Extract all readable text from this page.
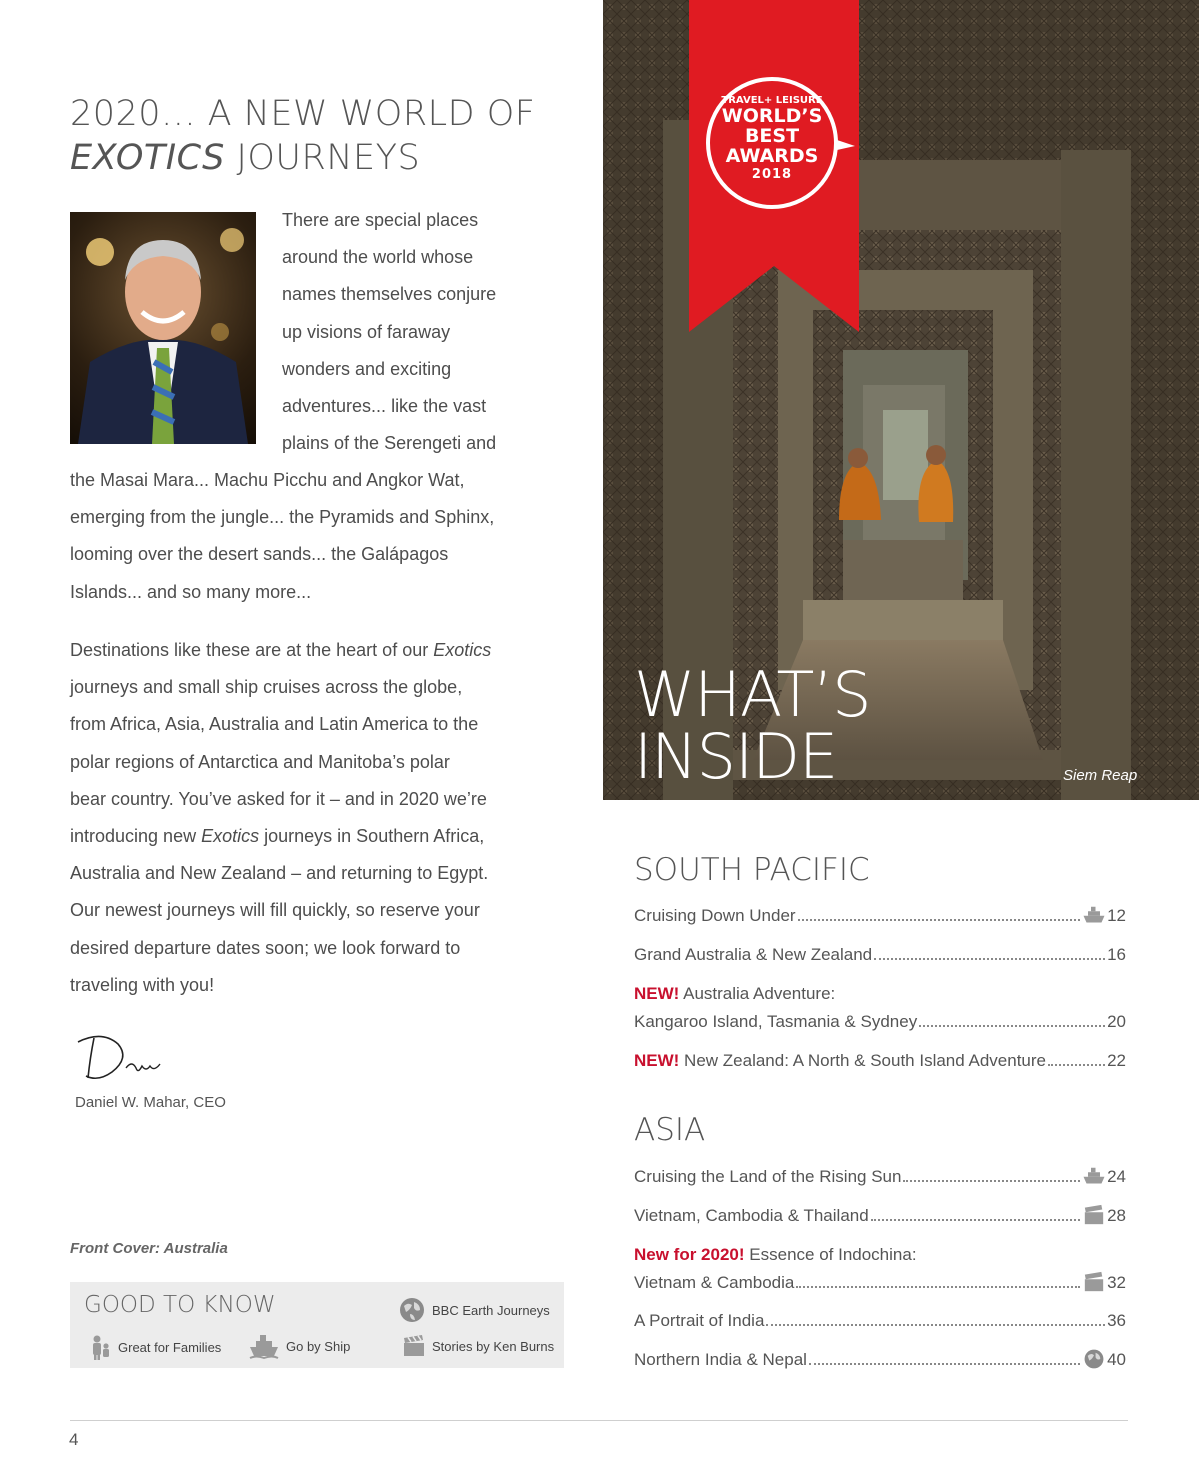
2020... A NEW WORLD OF
EXOTICS JOURNEYS
There are special places
around the world whose
names themselves conjure
up visions of faraway
wonders and exciting
adventures... like the vast
plains of the Serengeti and
the Masai Mara... Machu Picchu and Angkor Wat,
emerging from the jungle... the Pyramids and Sphinx,
looming over the desert sands... the Galápagos
Islands... and so many more...
Destinations like these are at the heart of our Exotics
journeys and small ship cruises across the globe,
from Africa, Asia, Australia and Latin America to the
polar regions of Antarctica and Manitoba’s polar
bear country. You’ve asked for it – and in 2020 we’re
introducing new Exotics journeys in Southern Africa,
Australia and New Zealand – and returning to Egypt.
Our newest journeys will fill quickly, so reserve your
desired departure dates soon; we look forward to
traveling with you!
Daniel W. Mahar, CEO
Front Cover: Australia
GOOD TO KNOW	BBC Earth Journeys
Great for Families	Go by Ship	Stories by Ken Burns
TRAVEL+ LEISURE
WORLD’S
BEST
AWARDS
2018
WHAT’S
INSIDE	Siem Reap
SOUTH PACIFIC
Cruising Down Under	12
Grand Australia & New Zealand	16
NEW! Australia Adventure:
Kangaroo Island, Tasmania & Sydney	20
NEW! New Zealand: A North & South Island Adventure	22
ASIA
Cruising the Land of the Rising Sun	24
Vietnam, Cambodia & Thailand	28
New for 2020! Essence of Indochina:
Vietnam & Cambodia	32
A Portrait of India	36
Northern India & Nepal	40
4
